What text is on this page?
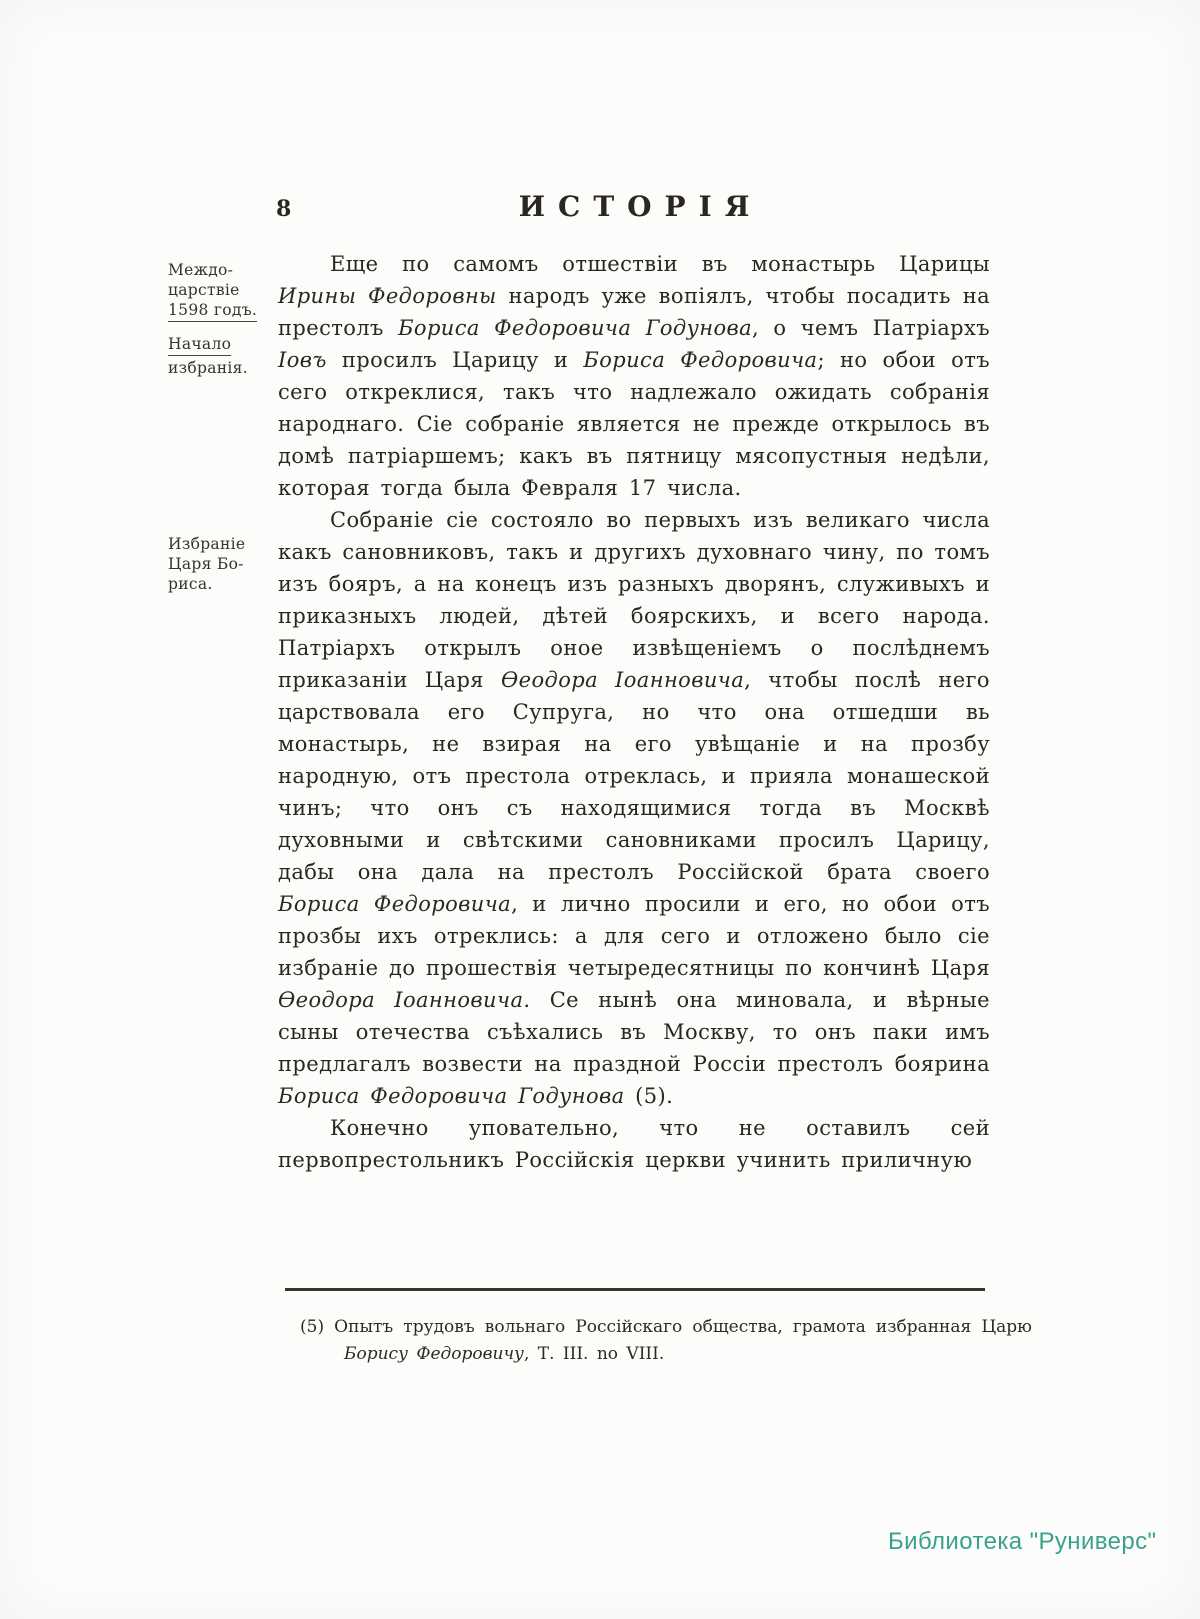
8	ИСТОРІЯ
Междо-
царствіе
1598 годъ.
Начало
избранія.
Избраніе
Царя Бо-
риса.

Еще по самомъ отшествіи въ монастырь Царицы Ирины Федоровны народъ уже вопіялъ, чтобы посадить на престолъ Бориса Федоровича Годунова, о чемъ Патріархъ Іовъ просилъ Царицу и Бориса Федоровича; но обои отъ сего откреклися, такъ что надлежало ожидать собранія народнаго. Сіе собраніе является не прежде открылось въ домѣ патріаршемъ; какъ въ пятницу мясопустныя недѣли, которая тогда была Февраля 17 числа.

Собраніе сіе состояло во первыхъ изъ великаго числа какъ сановниковъ, такъ и другихъ духовнаго чину, по томъ изъ бояръ, а на конецъ изъ разныхъ дворянъ, служивыхъ и приказныхъ людей, дѣтей боярскихъ, и всего народа. Патріархъ открылъ оное извѣщеніемъ о послѣднемъ приказаніи Царя Ѳеодора Іоанновича, чтобы послѣ него царствовала его Супруга, но что она отшедши вь монастырь, не взирая на его увѣщаніе и на прозбу народную, отъ престола отреклась, и прияла монашеской чинъ; что онъ съ находящимися тогда въ Москвѣ духовными и свѣтскими сановниками просилъ Царицу, дабы она дала на престолъ Россійской брата своего Бориса Федоровича, и лично просили и его, но обои отъ прозбы ихъ отреклись: а для сего и отложено было сіе избраніе до прошествія четыредесятницы по кончинѣ Царя Ѳеодора Іоанновича. Се нынѣ она миновала, и вѣрные сыны отечества съѣхались въ Москву, то онъ паки имъ предлагалъ возвести на праздной Россіи престолъ боярина Бориса Федоровича Годунова (5).

Конечно уповательно, что не оставилъ сей первопрестольникъ Россійскія церкви учинить приличную

(5) Опытъ трудовъ вольнаго Россійскаго общества, грамота избранная Царю Борису Федоровичу, Т. III. no VIII.
Библиотека "Руниверс"
